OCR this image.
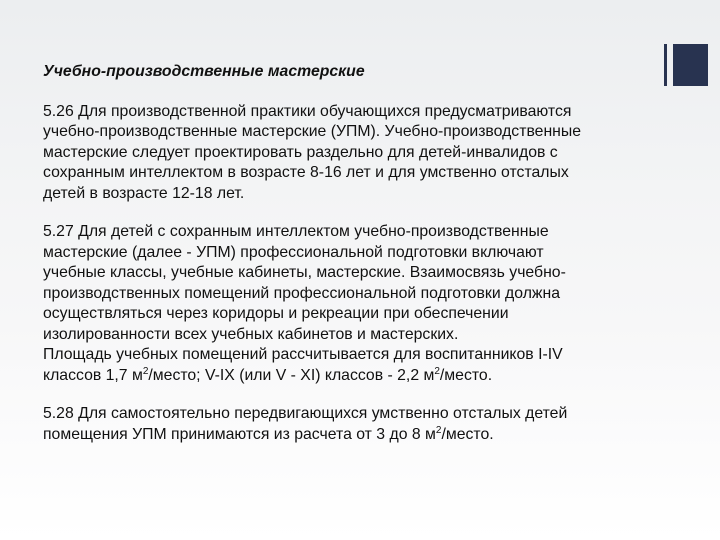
Учебно-производственные мастерские
5.26 Для производственной практики обучающихся предусматриваются
учебно-производственные мастерские (УПМ). Учебно-производственные
мастерские следует проектировать раздельно для детей-инвалидов с
сохранным интеллектом в возрасте 8-16 лет и для умственно отсталых
детей в возрасте 12-18 лет.
5.27 Для детей с сохранным интеллектом учебно-производственные
мастерские (далее - УПМ) профессиональной подготовки включают
учебные классы, учебные кабинеты, мастерские. Взаимосвязь учебно-
производственных помещений профессиональной подготовки должна
осуществляться через коридоры и рекреации при обеспечении
изолированности всех учебных кабинетов и мастерских.
Площадь учебных помещений рассчитывается для воспитанников I-IV
классов 1,7 $м^2$/место; V-IX (или V - XI) классов - 2,2 $м^2$/место.
5.28 Для самостоятельно передвигающихся умственно отсталых детей
помещения УПМ принимаются из расчета от 3 до 8 $м^2$/место.
